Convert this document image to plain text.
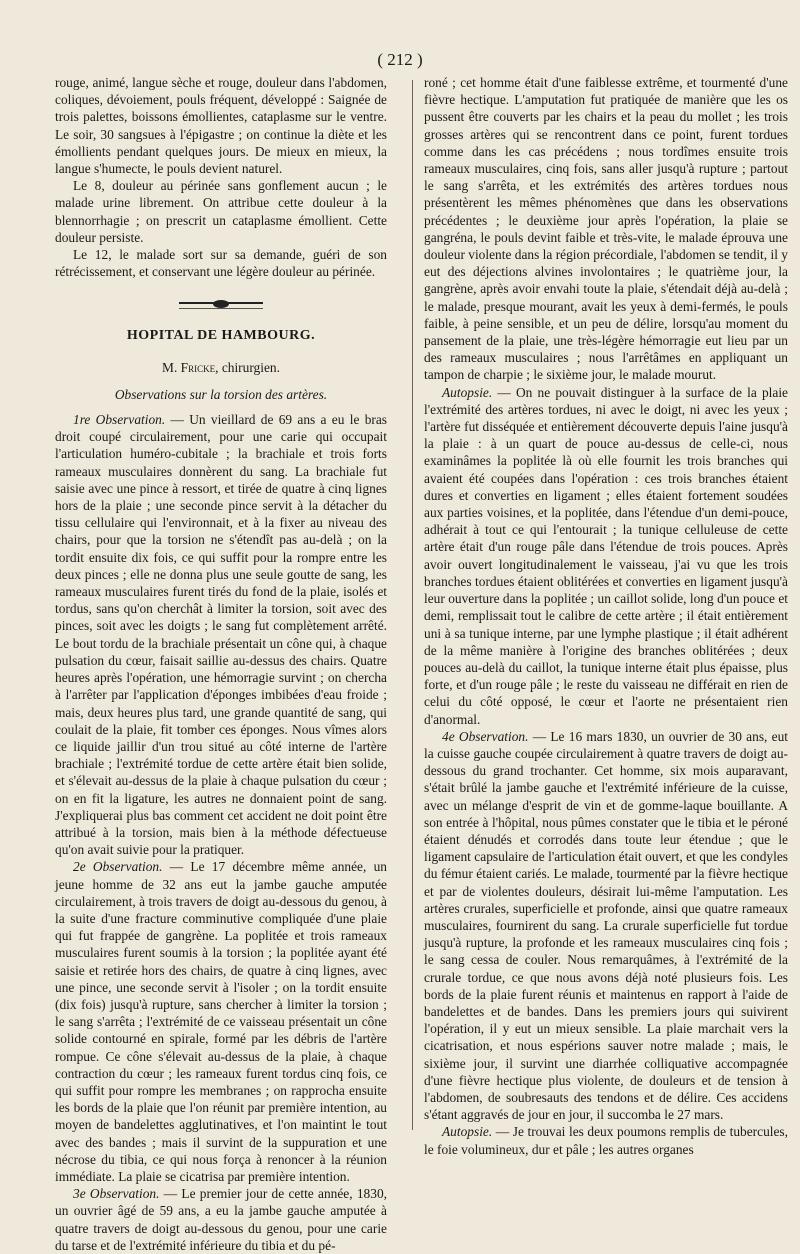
( 212 )

rouge, animé, langue sèche et rouge, douleur dans l'abdomen, coliques, dévoiement, pouls fréquent, développé : Saignée de trois palettes, boissons émollientes, cataplasme sur le ventre. Le soir, 30 sangsues à l'épigastre ; on continue la diète et les émollients pendant quelques jours. De mieux en mieux, la langue s'humecte, le pouls devient naturel.

Le 8, douleur au périnée sans gonflement aucun ; le malade urine librement. On attribue cette douleur à la blennorrhagie ; on prescrit un cataplasme émollient. Cette douleur persiste.

Le 12, le malade sort sur sa demande, guéri de son rétrécissement, et conservant une légère douleur au périnée.

HOPITAL DE HAMBOURG.
M. Fricke, chirurgien.
Observations sur la torsion des artères.

1re Observation. — Un vieillard de 69 ans a eu le bras droit coupé circulairement, pour une carie qui occupait l'articulation huméro-cubitale ; la brachiale et trois forts rameaux musculaires donnèrent du sang. La brachiale fut saisie avec une pince à ressort, et tirée de quatre à cinq lignes hors de la plaie ; une seconde pince servit à la détacher du tissu cellulaire qui l'environnait, et à la fixer au niveau des chairs, pour que la torsion ne s'étendît pas au-delà ; on la tordit ensuite dix fois, ce qui suffit pour la rompre entre les deux pinces ; elle ne donna plus une seule goutte de sang, les rameaux musculaires furent tirés du fond de la plaie, isolés et tordus, sans qu'on cherchât à limiter la torsion, soit avec des pinces, soit avec les doigts ; le sang fut complètement arrêté. Le bout tordu de la brachiale présentait un cône qui, à chaque pulsation du cœur, faisait saillie au-dessus des chairs. Quatre heures après l'opération, une hémorragie survint ; on chercha à l'arrêter par l'application d'éponges imbibées d'eau froide ; mais, deux heures plus tard, une grande quantité de sang, qui coulait de la plaie, fit tomber ces éponges. Nous vîmes alors ce liquide jaillir d'un trou situé au côté interne de l'artère brachiale ; l'extrémité tordue de cette artère était bien solide, et s'élevait au-dessus de la plaie à chaque pulsation du cœur ; on en fit la ligature, les autres ne donnaient point de sang. J'expliquerai plus bas comment cet accident ne doit point être attribué à la torsion, mais bien à la méthode défectueuse qu'on avait suivie pour la pratiquer.

2e Observation. — Le 17 décembre même année, un jeune homme de 32 ans eut la jambe gauche amputée circulairement, à trois travers de doigt au-dessous du genou, à la suite d'une fracture comminutive compliquée d'une plaie qui fut frappée de gangrène. La poplitée et trois rameaux musculaires furent soumis à la torsion ; la poplitée ayant été saisie et retirée hors des chairs, de quatre à cinq lignes, avec une pince, une seconde servit à l'isoler ; on la tordit ensuite (dix fois) jusqu'à rupture, sans chercher à limiter la torsion ; le sang s'arrêta ; l'extrémité de ce vaisseau présentait un cône solide contourné en spirale, formé par les débris de l'artère rompue. Ce cône s'élevait au-dessus de la plaie, à chaque contraction du cœur ; les rameaux furent tordus cinq fois, ce qui suffit pour rompre les membranes ; on rapprocha ensuite les bords de la plaie que l'on réunit par première intention, au moyen de bandelettes agglutinatives, et l'on maintint le tout avec des bandes ; mais il survint de la suppuration et une nécrose du tibia, ce qui nous força à renoncer à la réunion immédiate. La plaie se cicatrisa par première intention.

3e Observation. — Le premier jour de cette année, 1830, un ouvrier âgé de 59 ans, a eu la jambe gauche amputée à quatre travers de doigt au-dessous du genou, pour une carie du tarse et de l'extrémité inférieure du tibia et du pé-

roné ; cet homme était d'une faiblesse extrême, et tourmenté d'une fièvre hectique. L'amputation fut pratiquée de manière que les os pussent être couverts par les chairs et la peau du mollet ; les trois grosses artères qui se rencontrent dans ce point, furent tordues comme dans les cas précédens ; nous tordîmes ensuite trois rameaux musculaires, cinq fois, sans aller jusqu'à rupture ; partout le sang s'arrêta, et les extrémités des artères tordues nous présentèrent les mêmes phénomènes que dans les observations précédentes ; le deuxième jour après l'opération, la plaie se gangréna, le pouls devint faible et très-vite, le malade éprouva une douleur violente dans la région précordiale, l'abdomen se tendit, il y eut des déjections alvines involontaires ; le quatrième jour, la gangrène, après avoir envahi toute la plaie, s'étendait déjà au-delà ; le malade, presque mourant, avait les yeux à demi-fermés, le pouls faible, à peine sensible, et un peu de délire, lorsqu'au moment du pansement de la plaie, une très-légère hémorragie eut lieu par un des rameaux musculaires ; nous l'arrêtâmes en appliquant un tampon de charpie ; le sixième jour, le malade mourut.

Autopsie. — On ne pouvait distinguer à la surface de la plaie l'extrémité des artères tordues, ni avec le doigt, ni avec les yeux ; l'artère fut disséquée et entièrement découverte depuis l'aine jusqu'à la plaie : à un quart de pouce au-dessus de celle-ci, nous examinâmes la poplitée là où elle fournit les trois branches qui avaient été coupées dans l'opération : ces trois branches étaient dures et converties en ligament ; elles étaient fortement soudées aux parties voisines, et la poplitée, dans l'étendue d'un demi-pouce, adhérait à tout ce qui l'entourait ; la tunique celluleuse de cette artère était d'un rouge pâle dans l'étendue de trois pouces. Après avoir ouvert longitudinalement le vaisseau, j'ai vu que les trois branches tordues étaient oblitérées et converties en ligament jusqu'à leur ouverture dans la poplitée ; un caillot solide, long d'un pouce et demi, remplissait tout le calibre de cette artère ; il était entièrement uni à sa tunique interne, par une lymphe plastique ; il était adhérent de la même manière à l'origine des branches oblitérées ; deux pouces au-delà du caillot, la tunique interne était plus épaisse, plus forte, et d'un rouge pâle ; le reste du vaisseau ne différait en rien de celui du côté opposé, le cœur et l'aorte ne présentaient rien d'anormal.

4e Observation. — Le 16 mars 1830, un ouvrier de 30 ans, eut la cuisse gauche coupée circulairement à quatre travers de doigt au-dessous du grand trochanter. Cet homme, six mois auparavant, s'était brûlé la jambe gauche et l'extrémité inférieure de la cuisse, avec un mélange d'esprit de vin et de gomme-laque bouillante. A son entrée à l'hôpital, nous pûmes constater que le tibia et le péroné étaient dénudés et corrodés dans toute leur étendue ; que le ligament capsulaire de l'articulation était ouvert, et que les condyles du fémur étaient cariés. Le malade, tourmenté par la fièvre hectique et par de violentes douleurs, désirait lui-même l'amputation. Les artères crurales, superficielle et profonde, ainsi que quatre rameaux musculaires, fournirent du sang. La crurale superficielle fut tordue jusqu'à rupture, la profonde et les rameaux musculaires cinq fois ; le sang cessa de couler. Nous remarquâmes, à l'extrémité de la crurale tordue, ce que nous avons déjà noté plusieurs fois. Les bords de la plaie furent réunis et maintenus en rapport à l'aide de bandelettes et de bandes. Dans les premiers jours qui suivirent l'opération, il y eut un mieux sensible. La plaie marchait vers la cicatrisation, et nous espérions sauver notre malade ; mais, le sixième jour, il survint une diarrhée colliquative accompagnée d'une fièvre hectique plus violente, de douleurs et de tension à l'abdomen, de soubresauts des tendons et de délire. Ces accidens s'étant aggravés de jour en jour, il succomba le 27 mars.

Autopsie. — Je trouvai les deux poumons remplis de tubercules, le foie volumineux, dur et pâle ; les autres organes
